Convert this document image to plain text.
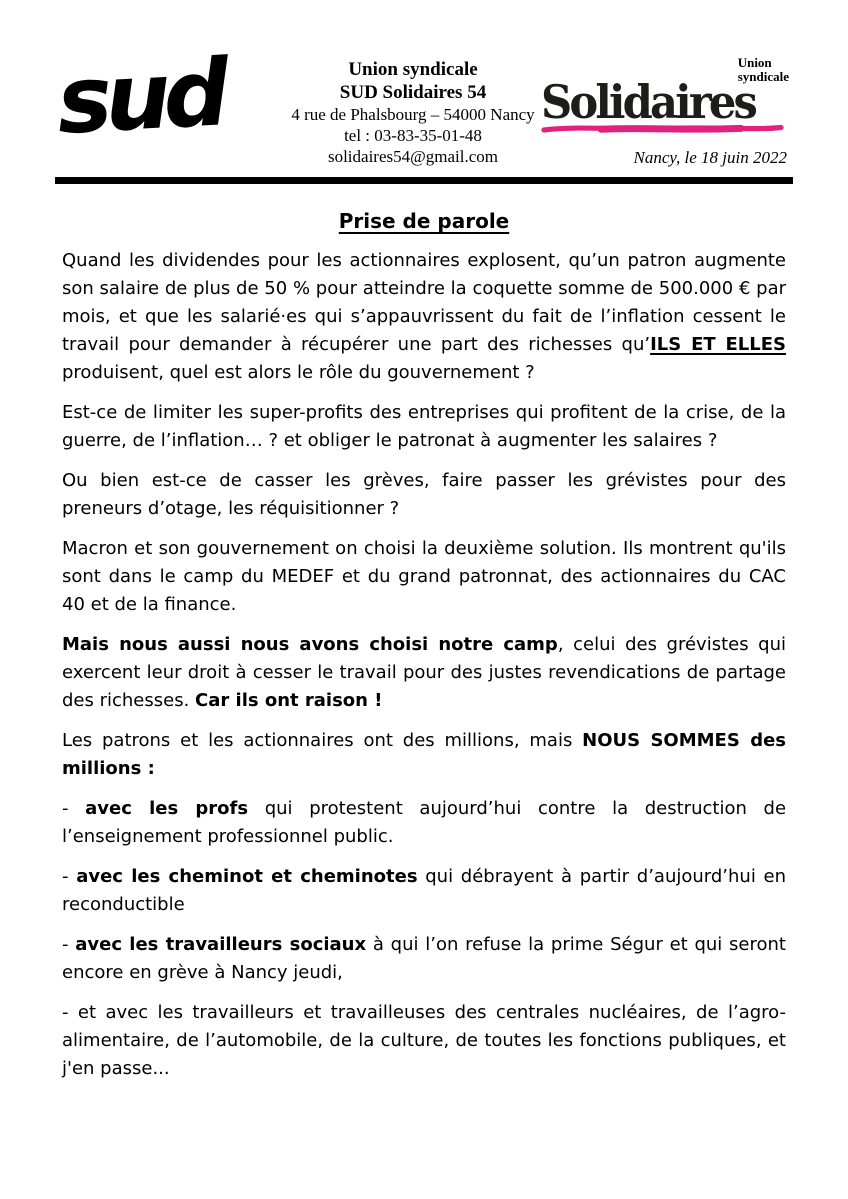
sud	Union syndicale
SUD Solidaires 54
4 rue de Phalsbourg – 54000 Nancy
tel : 03-83-35-01-48
solidaires54@gmail.com
Union
syndicale
Solidaires
Nancy, le 18 juin 2022
Prise de parole

Quand les dividendes pour les actionnaires explosent, qu’un patron augmente son salaire de plus de 50 % pour atteindre la coquette somme de 500.000 € par mois, et que les salarié·es qui s’appauvrissent du fait de l’inflation cessent le travail pour demander à récupérer une part des richesses qu’ILS ET ELLES produisent, quel est alors le rôle du gouvernement ?

Est-ce de limiter les super-profits des entreprises qui profitent de la crise, de la guerre, de l’inflation… ? et obliger le patronat à augmenter les salaires ?

Ou bien est-ce de casser les grèves, faire passer les grévistes pour des preneurs d’otage, les réquisitionner ?

Macron et son gouvernement on choisi la deuxième solution. Ils montrent qu'ils sont dans le camp du MEDEF et du grand patronnat, des actionnaires du CAC 40 et de la finance.

Mais nous aussi nous avons choisi notre camp, celui des grévistes qui exercent leur droit à cesser le travail pour des justes revendications de partage des richesses. Car ils ont raison !

Les patrons et les actionnaires ont des millions, mais NOUS SOMMES des millions :

- avec les profs qui protestent aujourd’hui contre la destruction de l’enseignement professionnel public.

- avec les cheminot et cheminotes qui débrayent à partir d’aujourd’hui en reconductible

- avec les travailleurs sociaux à qui l’on refuse la prime Ségur et qui seront encore en grève à Nancy jeudi,

- et avec les travailleurs et travailleuses des centrales nucléaires, de l’agro-alimentaire, de l’automobile, de la culture, de toutes les fonctions publiques, et j'en passe...
